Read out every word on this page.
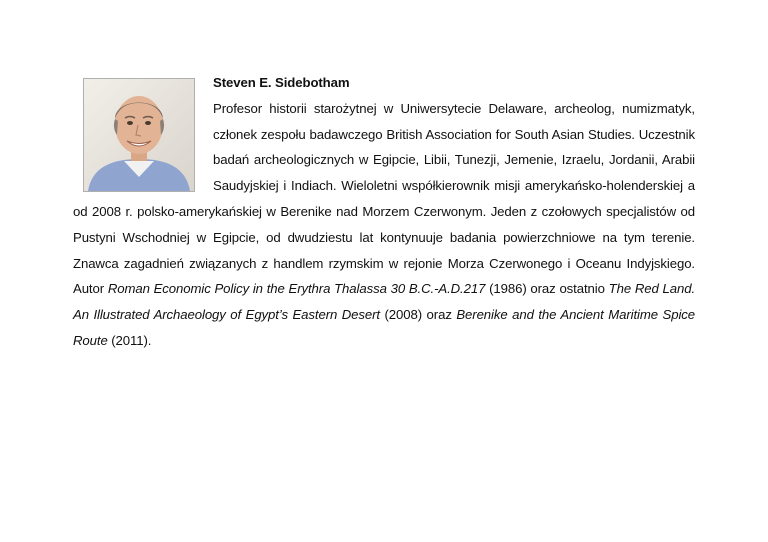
Steven E. Sidebotham
Profesor historii starożytnej w Uniwersytecie Delaware, archeolog, numizmatyk, członek zespołu badawczego British Association for South Asian Studies. Uczestnik badań archeologicznych w Egipcie, Libii, Tunezji, Jemenie, Izraelu, Jordanii, Arabii Saudyjskiej i Indiach. Wieloletni współkierownik misji amerykańsko-holenderskiej a od 2008 r. polsko-amerykańskiej w Berenike nad Morzem Czerwonym. Jeden z czołowych specjalistów od Pustyni Wschodniej w Egipcie, od dwudziestu lat kontynuuje badania powierzchniowe na tym terenie. Znawca zagadnień związanych z handlem rzymskim w rejonie Morza Czerwonego i Oceanu Indyjskiego. Autor Roman Economic Policy in the Erythra Thalassa 30 B.C.-A.D.217 (1986) oraz ostatnio The Red Land. An Illustrated Archaeology of Egypt’s Eastern Desert (2008) oraz Berenike and the Ancient Maritime Spice Route (2011).
